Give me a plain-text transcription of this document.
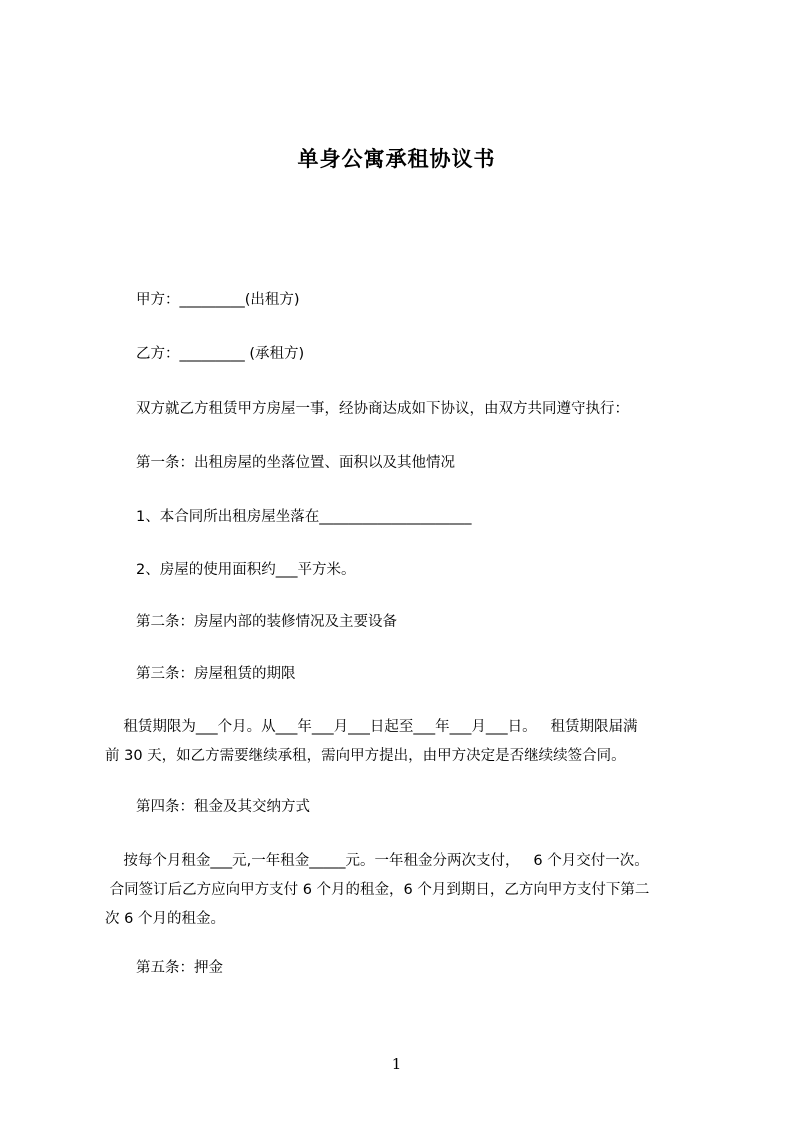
单身公寓承租协议书
甲方：_________(出租方)
乙方：_________ (承租方)
双方就乙方租赁甲方房屋一事，经协商达成如下协议，由双方共同遵守执行：
第一条：出租房屋的坐落位置、面积以及其他情况
1、本合同所出租房屋坐落在_____________________
2、房屋的使用面积约___平方米。
第二条：房屋内部的装修情况及主要设备
第三条：房屋租赁的期限
租赁期限为___个月。从___年___月___日起至___年___月___日。   租赁期限届满
前 30 天，如乙方需要继续承租，需向甲方提出，由甲方决定是否继续续签合同。
第四条：租金及其交纳方式
按每个月租金___元,一年租金_____元。一年租金分两次支付，   6 个月交付一次。
合同签订后乙方应向甲方支付 6 个月的租金，6 个月到期日，乙方向甲方支付下第二
次 6 个月的租金。
第五条：押金
1
